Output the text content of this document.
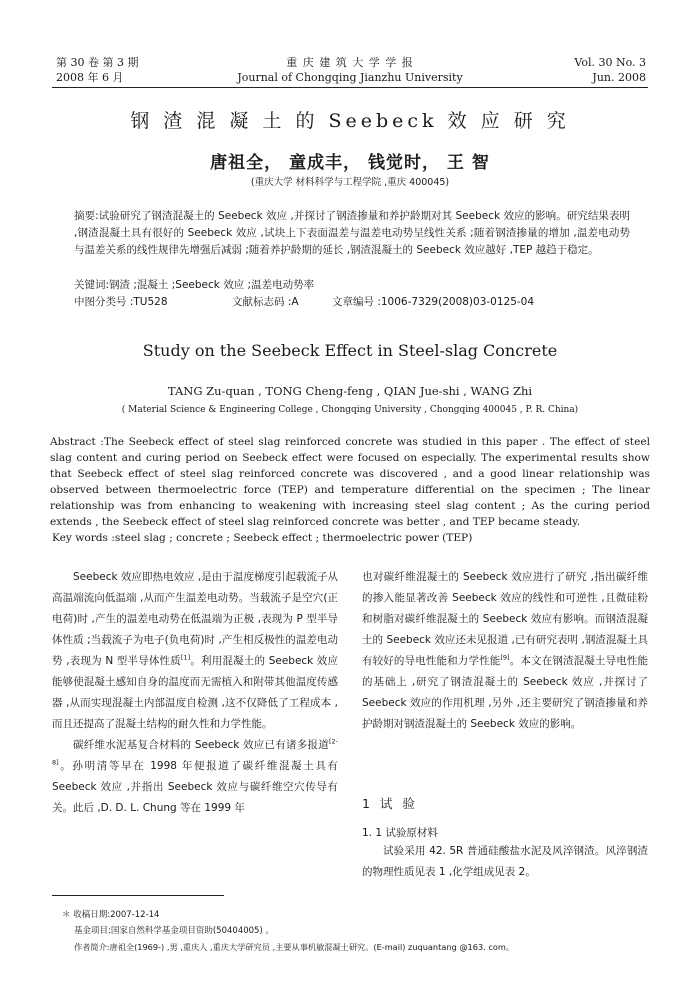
第 30 卷 第 3 期
2008 年 6 月
重 庆 建 筑 大 学 学 报
Journal of Chongqing Jianzhu University
Vol. 30 No. 3
Jun. 2008
钢 渣 混 凝 土 的 Seebeck 效 应 研 究
唐祖全， 童成丰， 钱觉时， 王 智
(重庆大学 材料科学与工程学院 ,重庆 400045)
摘要:试验研究了钢渣混凝土的 Seebeck 效应 ,并探讨了钢渣掺量和养护龄期对其 Seebeck 效应的影响。研究结果表明 ,钢渣混凝土具有很好的 Seebeck 效应 ,试块上下表面温差与温差电动势呈线性关系 ;随着钢渣掺量的增加 ,温差电动势与温差关系的线性规律先增强后减弱 ;随着养护龄期的延长 ,钢渣混凝土的 Seebeck 效应越好 ,TEP 越趋于稳定。
关键词:钢渣 ;混凝土 ;Seebeck 效应 ;温差电动势率
中图分类号 :TU528	文献标志码 :A	文章编号 :1006-7329(2008)03-0125-04
Study on the Seebeck Effect in Steel-slag Concrete
TANG Zu-quan , TONG Cheng-feng , QIAN Jue-shi , WANG Zhi
( Material Science & Engineering College , Chongqing University , Chongqing 400045 , P. R. China)
Abstract :The Seebeck effect of steel slag reinforced concrete was studied in this paper . The effect of steel slag content and curing period on Seebeck effect were focused on especially. The experimental results show that Seebeck effect of steel slag reinforced concrete was discovered , and a good linear relationship was observed between thermoelectric force (TEP) and temperature differential on the specimen ; The linear relationship was from enhancing to weakening with increasing steel slag content ; As the curing period extends , the Seebeck effect of steel slag reinforced concrete was better , and TEP became steady.
Key words :steel slag ; concrete ; Seebeck effect ; thermoelectric power (TEP)

Seebeck 效应即热电效应 ,是由于温度梯度引起载流子从高温端流向低温端 ,从而产生温差电动势。当载流子是空穴(正电荷)时 ,产生的温差电动势在低温端为正极 ,表现为 P 型半导体性质 ;当载流子为电子(负电荷)时 ,产生相反极性的温差电动势 ,表现为 N 型半导体性质[1]。利用混凝土的 Seebeck 效应能够使混凝土感知自身的温度而无需植入和附带其他温度传感器 ,从而实现混凝土内部温度自检测 ,这不仅降低了工程成本 ,而且还提高了混凝土结构的耐久性和力学性能。

碳纤维水泥基复合材料的 Seebeck 效应已有诸多报道[2-8]。孙明清等早在 1998 年便报道了碳纤维混凝土具有 Seebeck 效应 ,并指出 Seebeck 效应与碳纤维空穴传导有关。此后 ,D. D. L. Chung 等在 1999 年

也对碳纤维混凝土的 Seebeck 效应进行了研究 ,指出碳纤维的掺入能显著改善 Seebeck 效应的线性和可逆性 ,且微硅粉和树脂对碳纤维混凝土的 Seebeck 效应有影响。而钢渣混凝土的 Seebeck 效应还未见报道 ,已有研究表明 ,钢渣混凝土具有较好的导电性能和力学性能[9]。本文在钢渣混凝土导电性能的基础上 ,研究了钢渣混凝土的 Seebeck 效应 ,并探讨了 Seebeck 效应的作用机理 ,另外 ,还主要研究了钢渣掺量和养护龄期对钢渣混凝土的 Seebeck 效应的影响。

1 试 验
1. 1 试验原材料

试验采用 42. 5R 普通硅酸盐水泥及风淬钢渣。风淬钢渣的物理性质见表 1 ,化学组成见表 2。

＊ 收稿日期:2007-12-14
基金项目:国家自然科学基金项目资助(50404005) 。
作者简介:唐祖全(1969-) ,男 ,重庆人 ,重庆大学研究员 ,主要从事机敏混凝土研究。(E-mail) zuquantang @163. com。
